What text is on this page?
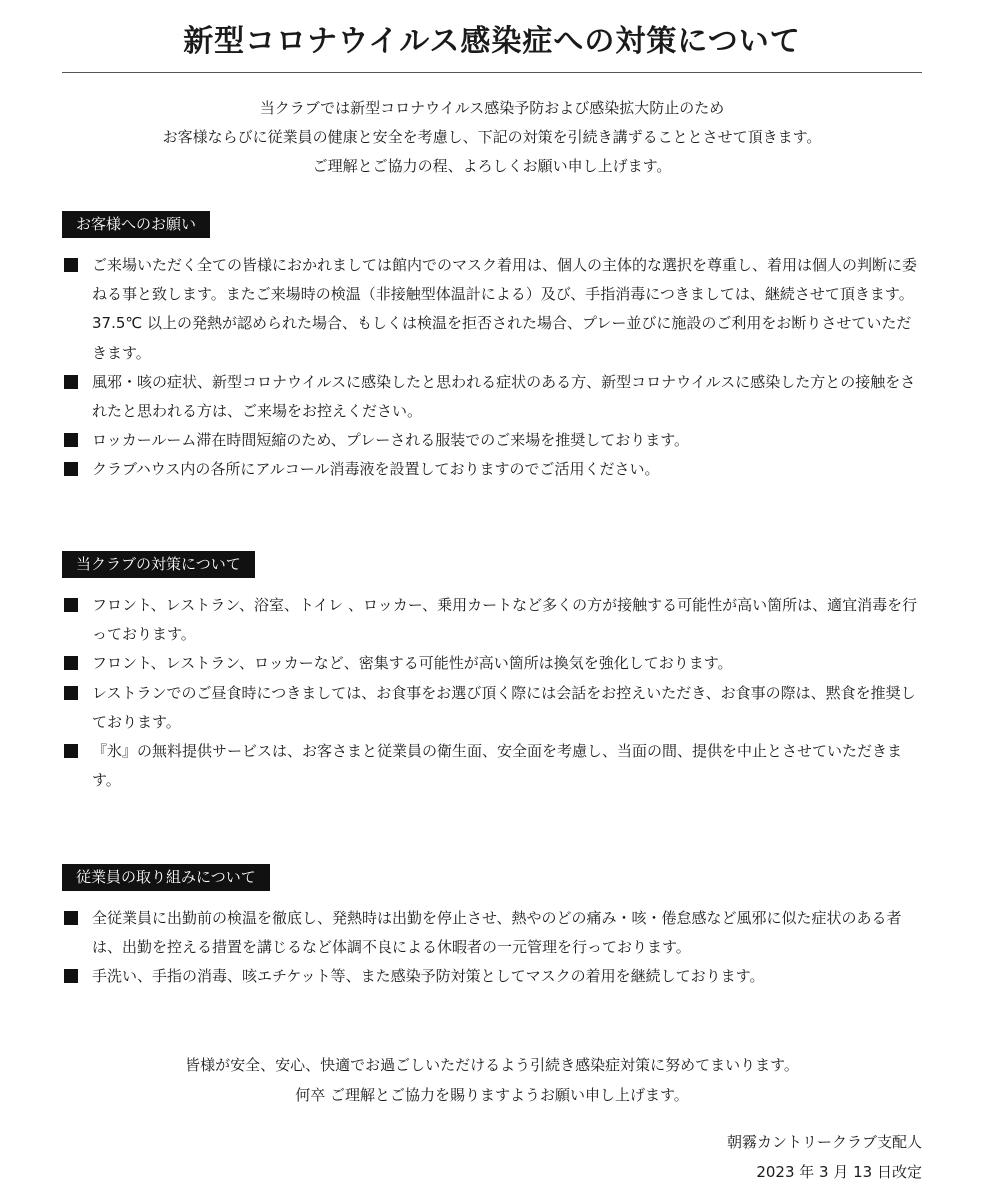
新型コロナウイルス感染症への対策について
当クラブでは新型コロナウイルス感染予防および感染拡大防止のため
お客様ならびに従業員の健康と安全を考慮し、下記の対策を引続き講ずることとさせて頂きます。
ご理解とご協力の程、よろしくお願い申し上げます。
お客様へのお願い
ご来場いただく全ての皆様におかれましては館内でのマスク着用は、個人の主体的な選択を尊重し、着用は個人の判断に委ねる事と致します。またご来場時の検温（非接触型体温計による）及び、手指消毒につきましては、継続させて頂きます。37.5℃ 以上の発熱が認められた場合、もしくは検温を拒否された場合、プレー並びに施設のご利用をお断りさせていただきます。
風邪・咳の症状、新型コロナウイルスに感染したと思われる症状のある方、新型コロナウイルスに感染した方との接触をされたと思われる方は、ご来場をお控えください。
ロッカールーム滞在時間短縮のため、プレーされる服装でのご来場を推奨しております。
クラブハウス内の各所にアルコール消毒液を設置しておりますのでご活用ください。
当クラブの対策について
フロント、レストラン、浴室、トイレ 、ロッカー、乗用カートなど多くの方が接触する可能性が高い箇所は、適宜消毒を行っております。
フロント、レストラン、ロッカーなど、密集する可能性が高い箇所は換気を強化しております。
レストランでのご昼食時につきましては、お食事をお選び頂く際には会話をお控えいただき、お食事の際は、黙食を推奨しております。
『氷』の無料提供サービスは、お客さまと従業員の衛生面、安全面を考慮し、当面の間、提供を中止とさせていただきます。
従業員の取り組みについて
全従業員に出勤前の検温を徹底し、発熱時は出勤を停止させ、熱やのどの痛み・咳・倦怠感など風邪に似た症状のある者は、出勤を控える措置を講じるなど体調不良による休暇者の一元管理を行っております。
手洗い、手指の消毒、咳エチケット等、また感染予防対策としてマスクの着用を継続しております。
皆様が安全、安心、快適でお過ごしいただけるよう引続き感染症対策に努めてまいります。
何卒 ご理解とご協力を賜りますようお願い申し上げます。
朝霧カントリークラブ支配人
2023 年 3 月 13 日改定
